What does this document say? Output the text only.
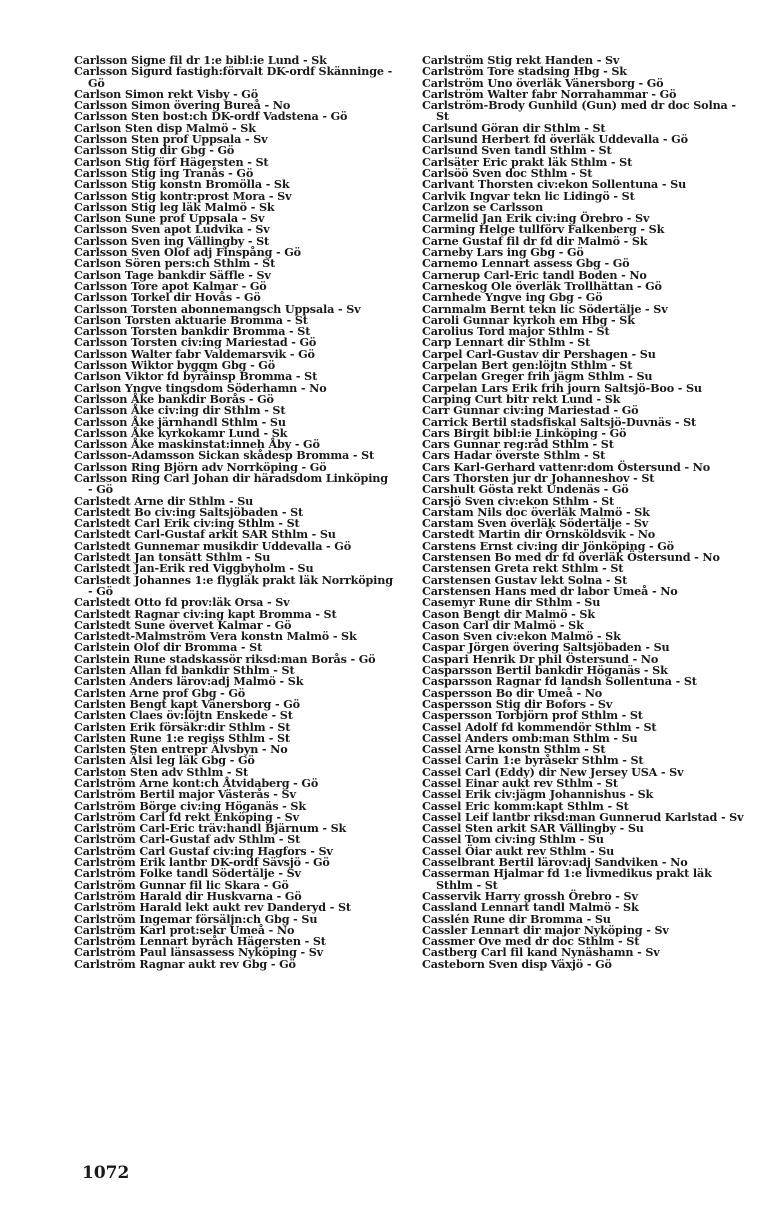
Carlsson Signe fil dr 1:e bibl:ie Lund - Sk
Carlsson Sigurd fastigh:förvalt DK-ordf Skänninge - Gö
Carlson Simon rekt Visby - Gö
Carlsson Simon övering Bureå - No
Carlsson Sten bost:ch DK-ordf Vadstena - Gö
Carlson Sten disp Malmö - Sk
Carlsson Sten prof Uppsala - Sv
Carlsson Stig dir Gbg - Gö
Carlson Stig förf Hägersten - St
Carlsson Stig ing Tranås - Gö
Carlsson Stig konstn Bromölla - Sk
Carlsson Stig kontr:prost Mora - Sv
Carlsson Stig leg läk Malmö - Sk
Carlson Sune prof Uppsala - Sv
Carlsson Sven apot Ludvika - Sv
Carlsson Sven ing Vällingby - St
Carlsson Sven Olof adj Finspång - Gö
Carlson Sören pers:ch Sthlm - St
Carlson Tage bankdir Säffle - Sv
Carlsson Tore apot Kalmar - Gö
Carlsson Torkel dir Hovås - Gö
Carlsson Torsten abonnemangsch Uppsala - Sv
Carlson Torsten aktuarie Bromma - St
Carlsson Torsten bankdir Bromma - St
Carlsson Torsten civ:ing Mariestad - Gö
Carlsson Walter fabr Valdemarsvik - Gö
Carlsson Wiktor byggm Gbg - Gö
Carlson Viktor fd byråinsp Bromma - St
Carlson Yngve tingsdom Söderhamn - No
Carlsson Åke bankdir Borås - Gö
Carlsson Åke civ:ing dir Sthlm - St
Carlsson Åke järnhandl Sthlm - Su
Carlsson Åke kyrkokamr Lund - Sk
Carlsson Åke maskinstat:inneh Åby - Gö
Carlsson-Adamsson Sickan skådesp Bromma - St
Carlsson Ring Björn adv Norrköping - Gö
Carlsson Ring Carl Johan dir häradsdom Linköping - Gö
Carlstedt Arne dir Sthlm - Su
Carlstedt Bo civ:ing Saltsjöbaden - St
Carlstedt Carl Erik civ:ing Sthlm - St
Carlstedt Carl-Gustaf arkit SAR Sthlm - Su
Carlstedt Gunnemar musikdir Uddevalla - Gö
Carlstedt Jan tonsätt Sthlm - Su
Carlstedt Jan-Erik red Viggbyholm - Su
Carlstedt Johannes 1:e flygläk prakt läk Norrköping - Gö
Carlstedt Otto fd prov:läk Orsa - Sv
Carlstedt Ragnar civ:ing kapt Bromma - St
Carlstedt Sune övervet Kalmar - Gö
Carlstedt-Malmström Vera konstn Malmö - Sk
Carlstein Olof dir Bromma - St
Carlstein Rune stadskassör riksd:man Borås - Gö
Carlsten Allan fd bankdir Sthlm - St
Carlsten Anders lärov:adj Malmö - Sk
Carlsten Arne prof Gbg - Gö
Carlsten Bengt kapt Vänersborg - Gö
Carlsten Claes öv:löjtn Enskede - St
Carlsten Erik försäkr:dir Sthlm - St
Carlsten Rune 1:e regiss Sthlm - St
Carlsten Sten entrepr Älvsbyn - No
Carlsten Älsi leg läk Gbg - Gö
Carlston Sten adv Sthlm - St
Carlström Arne kont:ch Åtvidaberg - Gö
Carlström Bertil major Västerås - Sv
Carlström Börge civ:ing Höganäs - Sk
Carlström Carl fd rekt Enköping - Sv
Carlström Carl-Eric träv:handl Bjärnum - Sk
Carlström Carl-Gustaf adv Sthlm - St
Carlström Carl Gustaf civ:ing Hagfors - Sv
Carlström Erik lantbr DK-ordf Sävsjö - Gö
Carlström Folke tandl Södertälje - Sv
Carlström Gunnar fil lic Skara - Gö
Carlström Harald dir Huskvarna - Gö
Carlström Harald lekt aukt rev Danderyd - St
Carlström Ingemar försäljn:ch Gbg - Su
Carlström Karl prot:sekr Umeå - No
Carlström Lennart byråch Hägersten - St
Carlström Paul länsassess Nyköping - Sv
Carlström Ragnar aukt rev Gbg - Gö
Carlström Stig rekt Handen - Sv
Carlström Tore stadsing Hbg - Sk
Carlström Uno överläk Vänersborg - Gö
Carlström Walter fabr Norrahammar - Gö
Carlström-Brody Gunhild (Gun) med dr doc Solna - St
Carlsund Göran dir Sthlm - St
Carlsund Herbert fd överläk Uddevalla - Gö
Carlsund Sven tandl Sthlm - St
Carlsäter Eric prakt läk Sthlm - St
Carlsöö Sven doc Sthlm - St
Carlvant Thorsten civ:ekon Sollentuna - Su
Carlvik Ingvar tekn lic Lidingö - St
Carlzon se Carlsson
Carmelid Jan Erik civ:ing Örebro - Sv
Carming Helge tullförv Falkenberg - Sk
Carne Gustaf fil dr fd dir Malmö - Sk
Carneby Lars ing Gbg - Gö
Carnemo Lennart assess Gbg - Gö
Carnerup Carl-Eric tandl Boden - No
Carneskog Ole överläk Trollhättan - Gö
Carnhede Yngve ing Gbg - Gö
Carnmalm Bernt tekn lic Södertälje - Sv
Caroli Gunnar kyrkoh em Hbg - Sk
Carolius Tord major Sthlm - St
Carp Lennart dir Sthlm - St
Carpel Carl-Gustav dir Pershagen - Su
Carpelan Bert gen:löjtn Sthlm - St
Carpelan Greger frih jägm Sthlm - Su
Carpelan Lars Erik frih journ Saltsjö-Boo - Su
Carping Curt bitr rekt Lund - Sk
Carr Gunnar civ:ing Mariestad - Gö
Carrick Bertil stadsfiskal Saltsjö-Duvnäs - St
Cars Birgit bibl:ie Linköping - Gö
Cars Gunnar reg:råd Sthlm - St
Cars Hadar överste Sthlm - St
Cars Karl-Gerhard vattenr:dom Östersund - No
Cars Thorsten jur dr Johanneshov - St
Carshult Gösta rekt Undenäs - Gö
Carsjö Sven civ:ekon Sthlm - St
Carstam Nils doc överläk Malmö - Sk
Carstam Sven överläk Södertälje - Sv
Carstedt Martin dir Örnsköldsvik - No
Carstens Ernst civ:ing dir Jönköping - Gö
Carstensen Bo med dr fd överläk Östersund - No
Carstensen Greta rekt Sthlm - St
Carstensen Gustav lekt Solna - St
Carstensen Hans med dr labor Umeå - No
Casemyr Rune dir Sthlm - Su
Cason Bengt dir Malmö - Sk
Cason Carl dir Malmö - Sk
Cason Sven civ:ekon Malmö - Sk
Caspar Jörgen övering Saltsjöbaden - Su
Caspari Henrik Dr phil Östersund - No
Casparsson Bertil bankdir Höganäs - Sk
Casparsson Ragnar fd landsh Sollentuna - St
Caspersson Bo dir Umeå - No
Caspersson Stig dir Bofors - Sv
Caspersson Torbjörn prof Sthlm - St
Cassel Adolf fd kommendör Sthlm - St
Cassel Anders omb:man Sthlm - Su
Cassel Arne konstn Sthlm - St
Cassel Carin 1:e byråsekr Sthlm - St
Cassel Carl (Eddy) dir New Jersey USA - Sv
Cassel Einar aukt rev Sthlm - St
Cassel Erik civ:jägm Johannishus - Sk
Cassel Eric komm:kapt Sthlm - St
Cassel Leif lantbr riksd:man Gunnerud Karlstad - Sv
Cassel Sten arkit SAR Vällingby - Su
Cassel Tom civ:ing Sthlm - Su
Cassel Öiar aukt rev Sthlm - Su
Casselbrant Bertil lärov:adj Sandviken - No
Casserman Hjalmar fd 1:e livmedikus prakt läk Sthlm - St
Casservik Harry grossh Örebro - Sv
Cassland Lennart tandl Malmö - Sk
Casslén Rune dir Bromma - Su
Cassler Lennart dir major Nyköping - Sv
Cassmer Ove med dr doc Sthlm - St
Castberg Carl fil kand Nynäshamn - Sv
Casteborn Sven disp Växjö - Gö
1072
